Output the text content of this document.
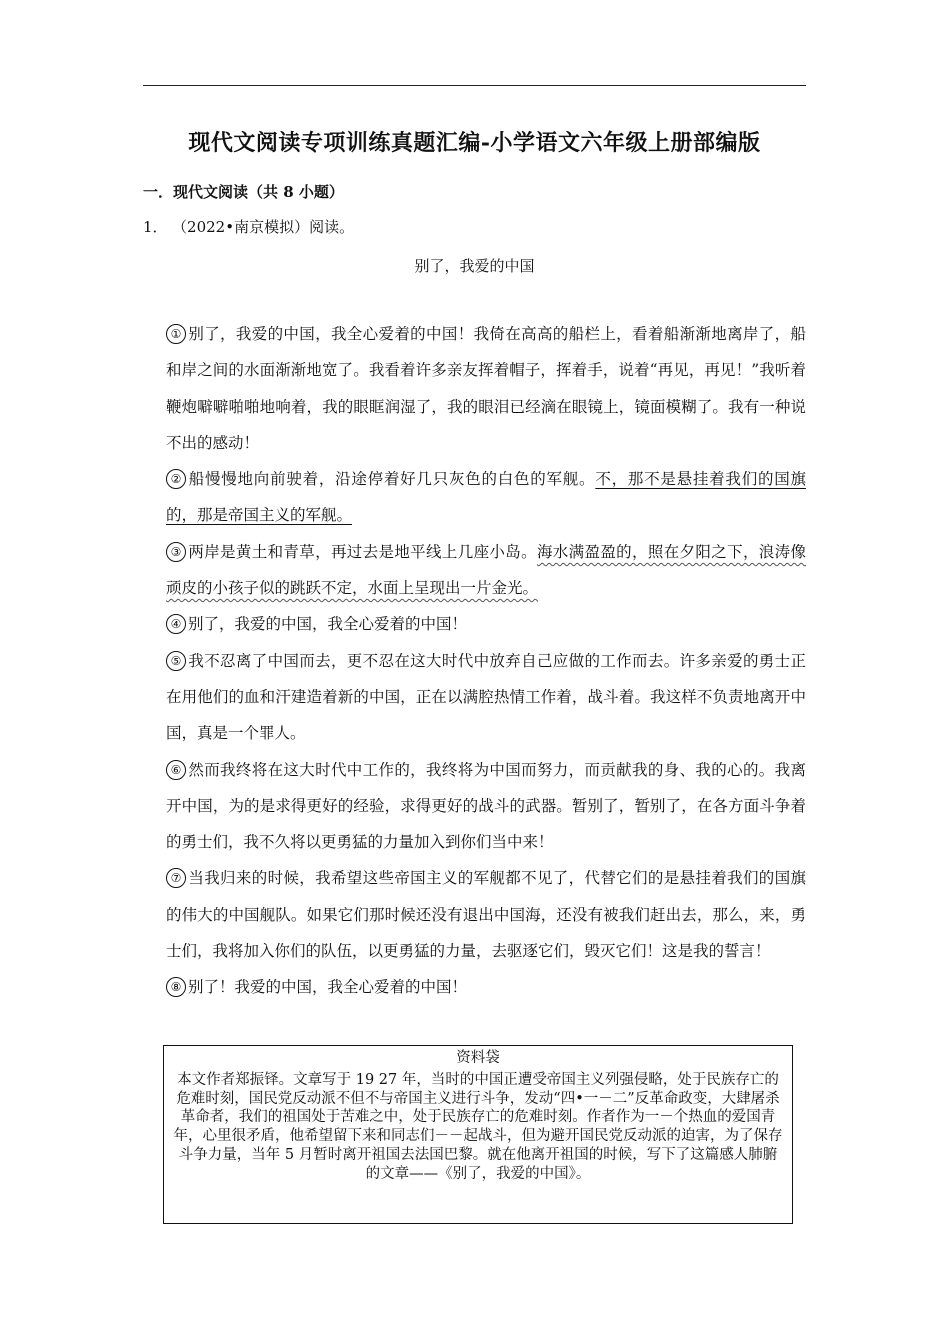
现代文阅读专项训练真题汇编-小学语文六年级上册部编版
一．现代文阅读（共 8 小题）
1． （2022•南京模拟）阅读。
别了，我爱的中国

① 别了，我爱的中国，我全心爱着的中国！我倚在高高的船栏上，看着船渐渐地离岸了，船和岸之间的水面渐渐地宽了。我看着许多亲友挥着帽子，挥着手，说着“再见，再见！”我听着鞭炮噼噼啪啪地响着，我的眼眶润湿了，我的眼泪已经滴在眼镜上，镜面模糊了。我有一种说不出的感动！

② 船慢慢地向前驶着，沿途停着好几只灰色的白色的军舰。不，那不是悬挂着我们的国旗的，那是帝国主义的军舰。

③ 两岸是黄土和青草，再过去是地平线上几座小岛。海水满盈盈的，照在夕阳之下，浪涛像顽皮的小孩子似的跳跃不定，水面上呈现出一片金光。

④ 别了，我爱的中国，我全心爱着的中国！

⑤ 我不忍离了中国而去，更不忍在这大时代中放弃自己应做的工作而去。许多亲爱的勇士正在用他们的血和汗建造着新的中国，正在以满腔热情工作着，战斗着。我这样不负责地离开中国，真是一个罪人。

⑥ 然而我终将在这大时代中工作的，我终将为中国而努力，而贡献我的身、我的心的。我离开中国，为的是求得更好的经验，求得更好的战斗的武器。暂别了，暂别了，在各方面斗争着的勇士们，我不久将以更勇猛的力量加入到你们当中来！

⑦ 当我归来的时候，我希望这些帝国主义的军舰都不见了，代替它们的是悬挂着我们的国旗的伟大的中国舰队。如果它们那时候还没有退出中国海，还没有被我们赶出去，那么，来，勇士们，我将加入你们的队伍，以更勇猛的力量，去驱逐它们，毁灭它们！这是我的誓言！

⑧ 别了！我爱的中国，我全心爱着的中国！

资料袋
本文作者郑振铎。文章写于 19 27 年，当时的中国正遭受帝国主义列强侵略，处于民族存亡的危难时刻，国民党反动派不但不与帝国主义进行斗争，发动“四•一－二”反革命政变，大肆屠杀革命者，我们的祖国处于苦难之中，处于民族存亡的危难时刻。作者作为一－个热血的爱国青年，心里很矛盾，他希望留下来和同志们－－起战斗，但为避开国民党反动派的迫害，为了保存斗争力量，当年 5 月暂时离开祖国去法国巴黎。就在他离开祖国的时候，写下了这篇感人肺腑的文章——《别了，我爱的中国》。
